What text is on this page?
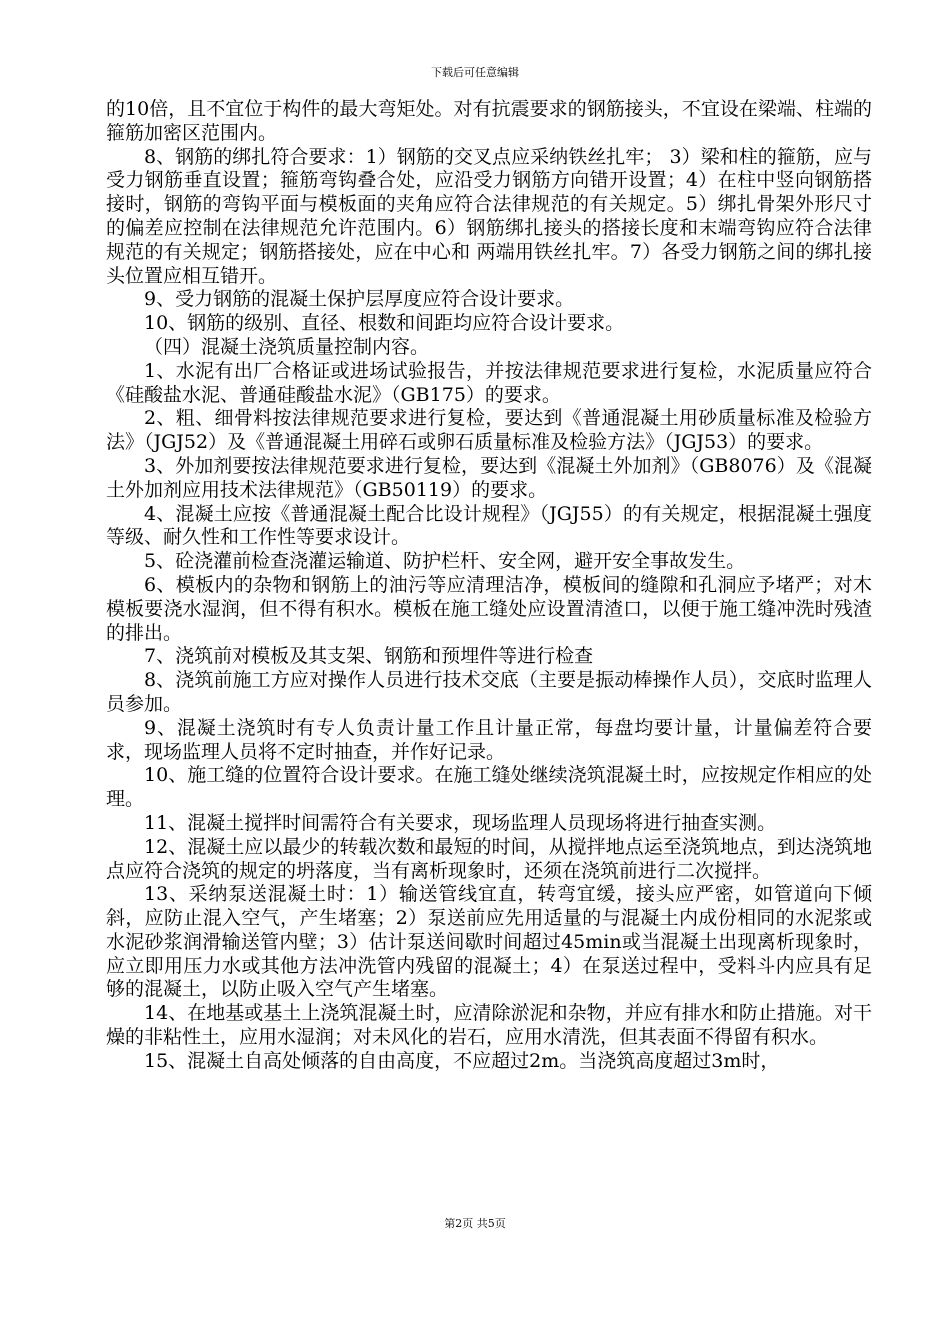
下载后可任意编辑

的10倍，且不宜位于构件的最大弯矩处。对有抗震要求的钢筋接头，不宜设在梁端、柱端的箍筋加密区范围内。

8、钢筋的绑扎符合要求：1）钢筋的交叉点应采纳铁丝扎牢； 3）梁和柱的箍筋，应与受力钢筋垂直设置；箍筋弯钩叠合处，应沿受力钢筋方向错开设置；4）在柱中竖向钢筋搭接时，钢筋的弯钩平面与模板面的夹角应符合法律规范的有关规定。5）绑扎骨架外形尺寸的偏差应控制在法律规范允许范围内。6）钢筋绑扎接头的搭接长度和末端弯钩应符合法律规范的有关规定；钢筋搭接处，应在中心和 两端用铁丝扎牢。7）各受力钢筋之间的绑扎接头位置应相互错开。

9、受力钢筋的混凝土保护层厚度应符合设计要求。

10、钢筋的级别、直径、根数和间距均应符合设计要求。

（四）混凝土浇筑质量控制内容。

1、水泥有出厂合格证或进场试验报告，并按法律规范要求进行复检，水泥质量应符合《硅酸盐水泥、普通硅酸盐水泥》（GB175）的要求。

2、粗、细骨料按法律规范要求进行复检，要达到《普通混凝土用砂质量标准及检验方法》（JGJ52）及《普通混凝土用碎石或卵石质量标准及检验方法》（JGJ53）的要求。

3、外加剂要按法律规范要求进行复检，要达到《混凝土外加剂》（GB8076）及《混凝土外加剂应用技术法律规范》（GB50119）的要求。

4、混凝土应按《普通混凝土配合比设计规程》（JGJ55）的有关规定，根据混凝土强度等级、耐久性和工作性等要求设计。

5、砼浇灌前检查浇灌运输道、防护栏杆、安全网，避开安全事故发生。

6、模板内的杂物和钢筋上的油污等应清理洁净，模板间的缝隙和孔洞应予堵严；对木模板要浇水湿润，但不得有积水。模板在施工缝处应设置清渣口，以便于施工缝冲洗时残渣的排出。

7、浇筑前对模板及其支架、钢筋和预埋件等进行检查

8、浇筑前施工方应对操作人员进行技术交底（主要是振动棒操作人员），交底时监理人员参加。

9、混凝土浇筑时有专人负责计量工作且计量正常，每盘均要计量，计量偏差符合要求，现场监理人员将不定时抽查，并作好记录。

10、施工缝的位置符合设计要求。在施工缝处继续浇筑混凝土时，应按规定作相应的处理。

11、混凝土搅拌时间需符合有关要求，现场监理人员现场将进行抽查实测。

12、混凝土应以最少的转载次数和最短的时间，从搅拌地点运至浇筑地点，到达浇筑地点应符合浇筑的规定的坍落度，当有离析现象时，还须在浇筑前进行二次搅拌。

13、采纳泵送混凝土时：1）输送管线宜直，转弯宜缓，接头应严密，如管道向下倾斜，应防止混入空气，产生堵塞；2）泵送前应先用适量的与混凝土内成份相同的水泥浆或水泥砂浆润滑输送管内壁；3）估计泵送间歇时间超过45min或当混凝土出现离析现象时，应立即用压力水或其他方法冲洗管内残留的混凝土；4）在泵送过程中，受料斗内应具有足够的混凝土，以防止吸入空气产生堵塞。

14、在地基或基土上浇筑混凝土时，应清除淤泥和杂物，并应有排水和防止措施。对干燥的非粘性土，应用水湿润；对未风化的岩石，应用水清洗，但其表面不得留有积水。

15、混凝土自高处倾落的自由高度，不应超过2m。当浇筑高度超过3m时，

第2页 共5页
